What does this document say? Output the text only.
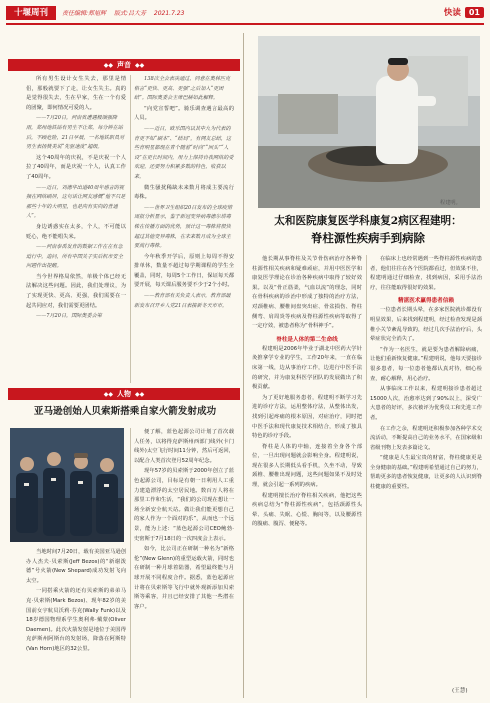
十堰周刊	责任编辑:郑旭辉 版式:吕大芳 2021.7.23	快读	01
◆◆ 声音 ◆◆
所有男生设计女生失去，那里是情侣，那般就要下了走，让女生失主。真的是觉得很失去，生在早家，生在一个有爱的团聚，即何情况可爱的人。
——7月20日，河南省遭遇极端强降雨，郑州地铁站有男生不让郑，每分钟在站后，不顾危险，21日早晨，一名地铁职员对男生表扬赞美说“先驱速度”超级。
这个40周年的庆祝，不是庆祝一个人拉了40周年，而是庆祝一个人，认真工作了40周年。
——近日，刘德华出道40周年感言的视频在网络刷屏，这句话让网友感慨“他不只是那些十年的大明星，也是向有实向的普通人”。
身边诱惑实在太多，个人，不可能以贬心，绝不能唱失米。
——河南泰禹发育的数据工作在在有急迫行中，追问，所有中国关子实后机市安全问题作出提醒。
当今世界格局依然，单极个体已经无法解决这些问题。因此，我们处理议，为了实现更快、更高、更强，我们需要在一起共同应对，我们需要更团结。
——7月20日，国际奥委会第
138次全会表决通过，同意在奥林匹克格言“更快、更高、更强”之后加入“更团结”。国际奥委会主席巴赫如此解释。
“向党宣誓吧”。骑乐调查遇言最高的人员。
——近日，欧乐国内以其中九为代表的育更不如“刷本”、“结局”，有网友总结，这些育明星都现在青个随着“时尚”“回头”“人设”在更长时间内，用力上保持自我网络的受欢迎，还要努力积累多数的特色，收获以来。
微生骚扰稀缺未来数月将成主要流行毒株。
——世界卫生组织20日发布的全球疫情周报分析显示，鉴于新冠变异病毒德尔塔毒株在传播方面的优势，预计这一毒株将很快超过其他变异毒株，在未来数月成为全球主要流行毒株。
今年秋季开学后，原则上每周不得安排单休，数量不超过每学期课程的学生全覆盖，同时，每周5个工作日，保证每天都要开展，每天课后服务要不少于2个小时。
——教育部有关负责人表示，教育部最新发布召开乡人党21日表接新冬天市市。
◆◆ 人物 ◆◆
亚马逊创始人贝索斯搭乘自家火箭发射成功
当地时间7月20日，载有美国亚马逊创办人杰夫·贝索斯(Jeff Bezos)的“新谢泼德”号火箭(New Shepard)成功发射飞向太空。
一同搭乘火箭的还有贝索斯的弟弟马克·贝索斯(Mark Bezos)、现年82岁的美国前女宇航员沃莉·芬克(Wally Funk)以及18岁德国物理系学生奥利弗·戴蒙(Oliver Daemen)。此次火箭发射是地位于美国得克萨斯州阿斯台的发射场，降落在阿斯特(Van Horn)地区的32公里。
便了解，蓝色起源公司计划了首次载人任务，以将得克萨斯州西部门线外(卡门线外)太空飞行时间11分钟，然后可返回，以配合人类首次登月52周年纪念。
现年57岁的贝索斯于2000年创立了蓝色起源公司，目标是有朝一日利用人工重力建造漂浮的太空居民地。数百万人将在那里工作和生活，“我们的公司现在想让一场全新安全航天站。做让我们能更想自己的家人作为一个面对的乐”，从而也一个远景，能为上述：“蓝色起源公司CEO鲍勃·史密斯于7月18日的一次四度会上表示。
如今，比公司正在研制一种名为“新格伦”(New Glenn)的重型运载火箭，同时也在研制一种月球着陆器，希望最终能与月球开展不同程度合作。据悉，蓝色起源应计将在贝索斯等飞行中就外观新添加贝索斯等乘客，并且已经安排了其他一些潜在客户。
程建明。
太和医院康复医学科康复2病区程建明：
脊柱源性疾病手到病除
他长期从事脊柱及关节骨伤病治疗各种脊柱源性相关疾病和疑难顽症，并用中医医学和康复医学理论在诊治各种疾病中取得了较好效果。以及“骨正筋柔，气血以流”的理念，同时在骨科疾病的诊治中形成了独特的治疗方法，对颈椎病、腰椎间盘突出症、骨盆损伤、脊柱侧弯、肩周炎等疾病及脊柱源性疾病等取得了一定疗效，被患者称为“骨科神手”。
脊柱是人体的第二生命线
程建明是2006年毕业于湖北中医药大学针灸推拿学专业的学生，工作20年来，一直在临床第一线，边从事治疗工作，边进行中医手法的研究，并为康复科医学团队的发展做出了积极贡献。
为了更好地服务患者，程建明不断学习先进的诊疗方法，运用整体疗法，从整体出发，找到引起疼痛的根本原因，对症治疗，同时把中医手法和现代康复技术相结合，形成了独具特色的诊疗手段。
脊柱是人体的中轴，连接着全身各个部位，一旦出现问题就会影响全身。程建明说，现在很多人长期低头看手机，久坐不动，导致颈椎、腰椎出现问题，这些问题如果不及时处理，就会引起一系列的疾病。
程建明擅长治疗脊柱相关疾病，他把这些疾病总结为“脊柱源性疾病”，包括颈源性头晕、头痛、失眠、心慌、胸闷等，以及腰源性的腹痛、腹泻、便秘等。
在临床上也经常遇到一些脊柱源性疾病的患者，他们往往在各个医院都看过，但效果不佳，程建明通过仔细检查，找到病因，采用手法治疗，往往能取得很好的效果。
精湛医术赢得患者信赖
一位患者长期头晕，在多家医院就诊都没有明显效果，后来找到程建明，经过检查发现是颈椎小关节紊乱导致的，经过几次手法治疗后，头晕症状完全消失了。
“作为一名医生，就是要为患者解除病痛，让他们重新恢复健康。”程建明说，他每天要接诊很多患者，每一位患者他都认真对待，细心检查，耐心解释，用心治疗。
从事临床工作以来，程建明接诊患者超过15000人次，治愈率达到了90%以上，深受广大患者的好评，多次被评为优秀员工和先进工作者。
在工作之余，程建明还积极参加各种学术交流活动，不断提高自己的业务水平，在国家级和省级刊物上发表多篇论文。
“健康是人生最宝贵的财富，脊柱健康更是全身健康的基础。”程建明希望通过自己的努力，帮助更多的患者恢复健康，让更多的人认识到脊柱健康的重要性。
(王慧)
